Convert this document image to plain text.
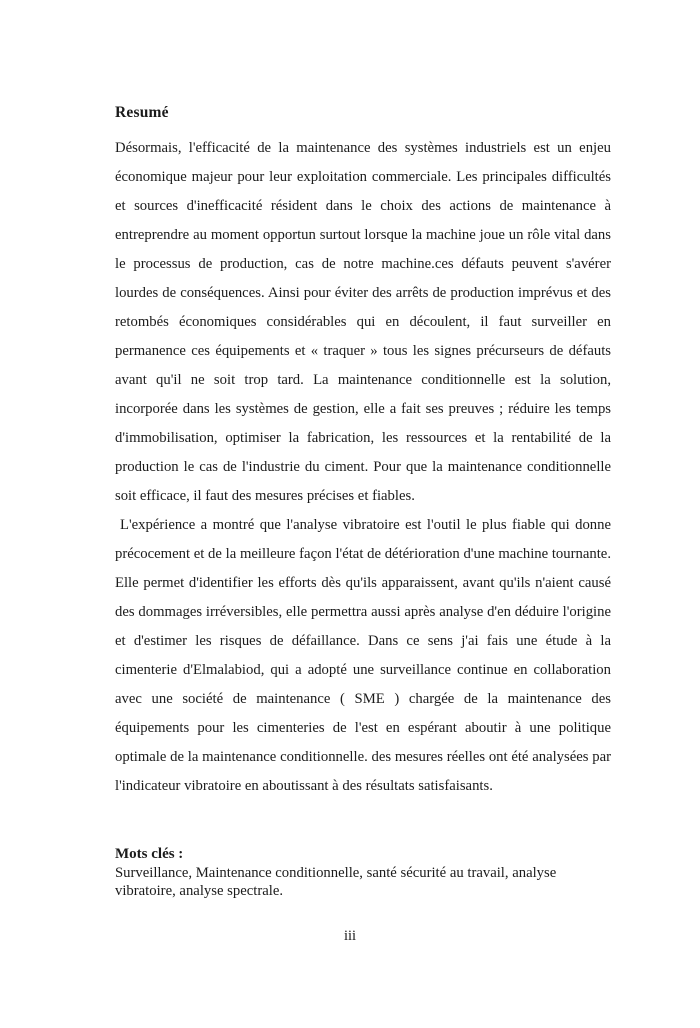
Resumé

Désormais, l'efficacité de la maintenance des systèmes industriels est un enjeu économique majeur pour leur exploitation commerciale. Les principales difficultés et sources d'inefficacité résident dans le choix des actions de maintenance à entreprendre au moment opportun surtout lorsque la machine joue un rôle vital dans le processus de production, cas de notre machine.ces défauts peuvent s'avérer lourdes de conséquences. Ainsi pour éviter des arrêts de production imprévus et des retombés économiques considérables qui en découlent, il faut surveiller en permanence ces équipements et « traquer » tous les signes précurseurs de défauts avant qu'il ne soit trop tard. La maintenance conditionnelle est la solution, incorporée dans les systèmes de gestion, elle a fait ses preuves ; réduire les temps d'immobilisation, optimiser la fabrication, les ressources et la rentabilité de la production le cas de l'industrie du ciment. Pour que la maintenance conditionnelle soit efficace, il faut des mesures précises et fiables.

L'expérience a montré que l'analyse vibratoire est l'outil le plus fiable qui donne précocement et de la meilleure façon l'état de détérioration d'une machine tournante. Elle permet d'identifier les efforts dès qu'ils apparaissent, avant qu'ils n'aient causé des dommages irréversibles, elle permettra aussi après analyse d'en déduire l'origine et d'estimer les risques de défaillance. Dans ce sens j'ai fais une étude à la cimenterie d'Elmalabiod, qui a adopté une surveillance continue en collaboration avec une société de maintenance ( SME ) chargée de la maintenance des équipements pour les cimenteries de l'est en espérant aboutir à une politique optimale de la maintenance conditionnelle. des mesures réelles ont été analysées par l'indicateur vibratoire en aboutissant à des résultats satisfaisants.

Mots clés :

Surveillance, Maintenance conditionnelle, santé sécurité au travail, analyse vibratoire, analyse spectrale.

iii
